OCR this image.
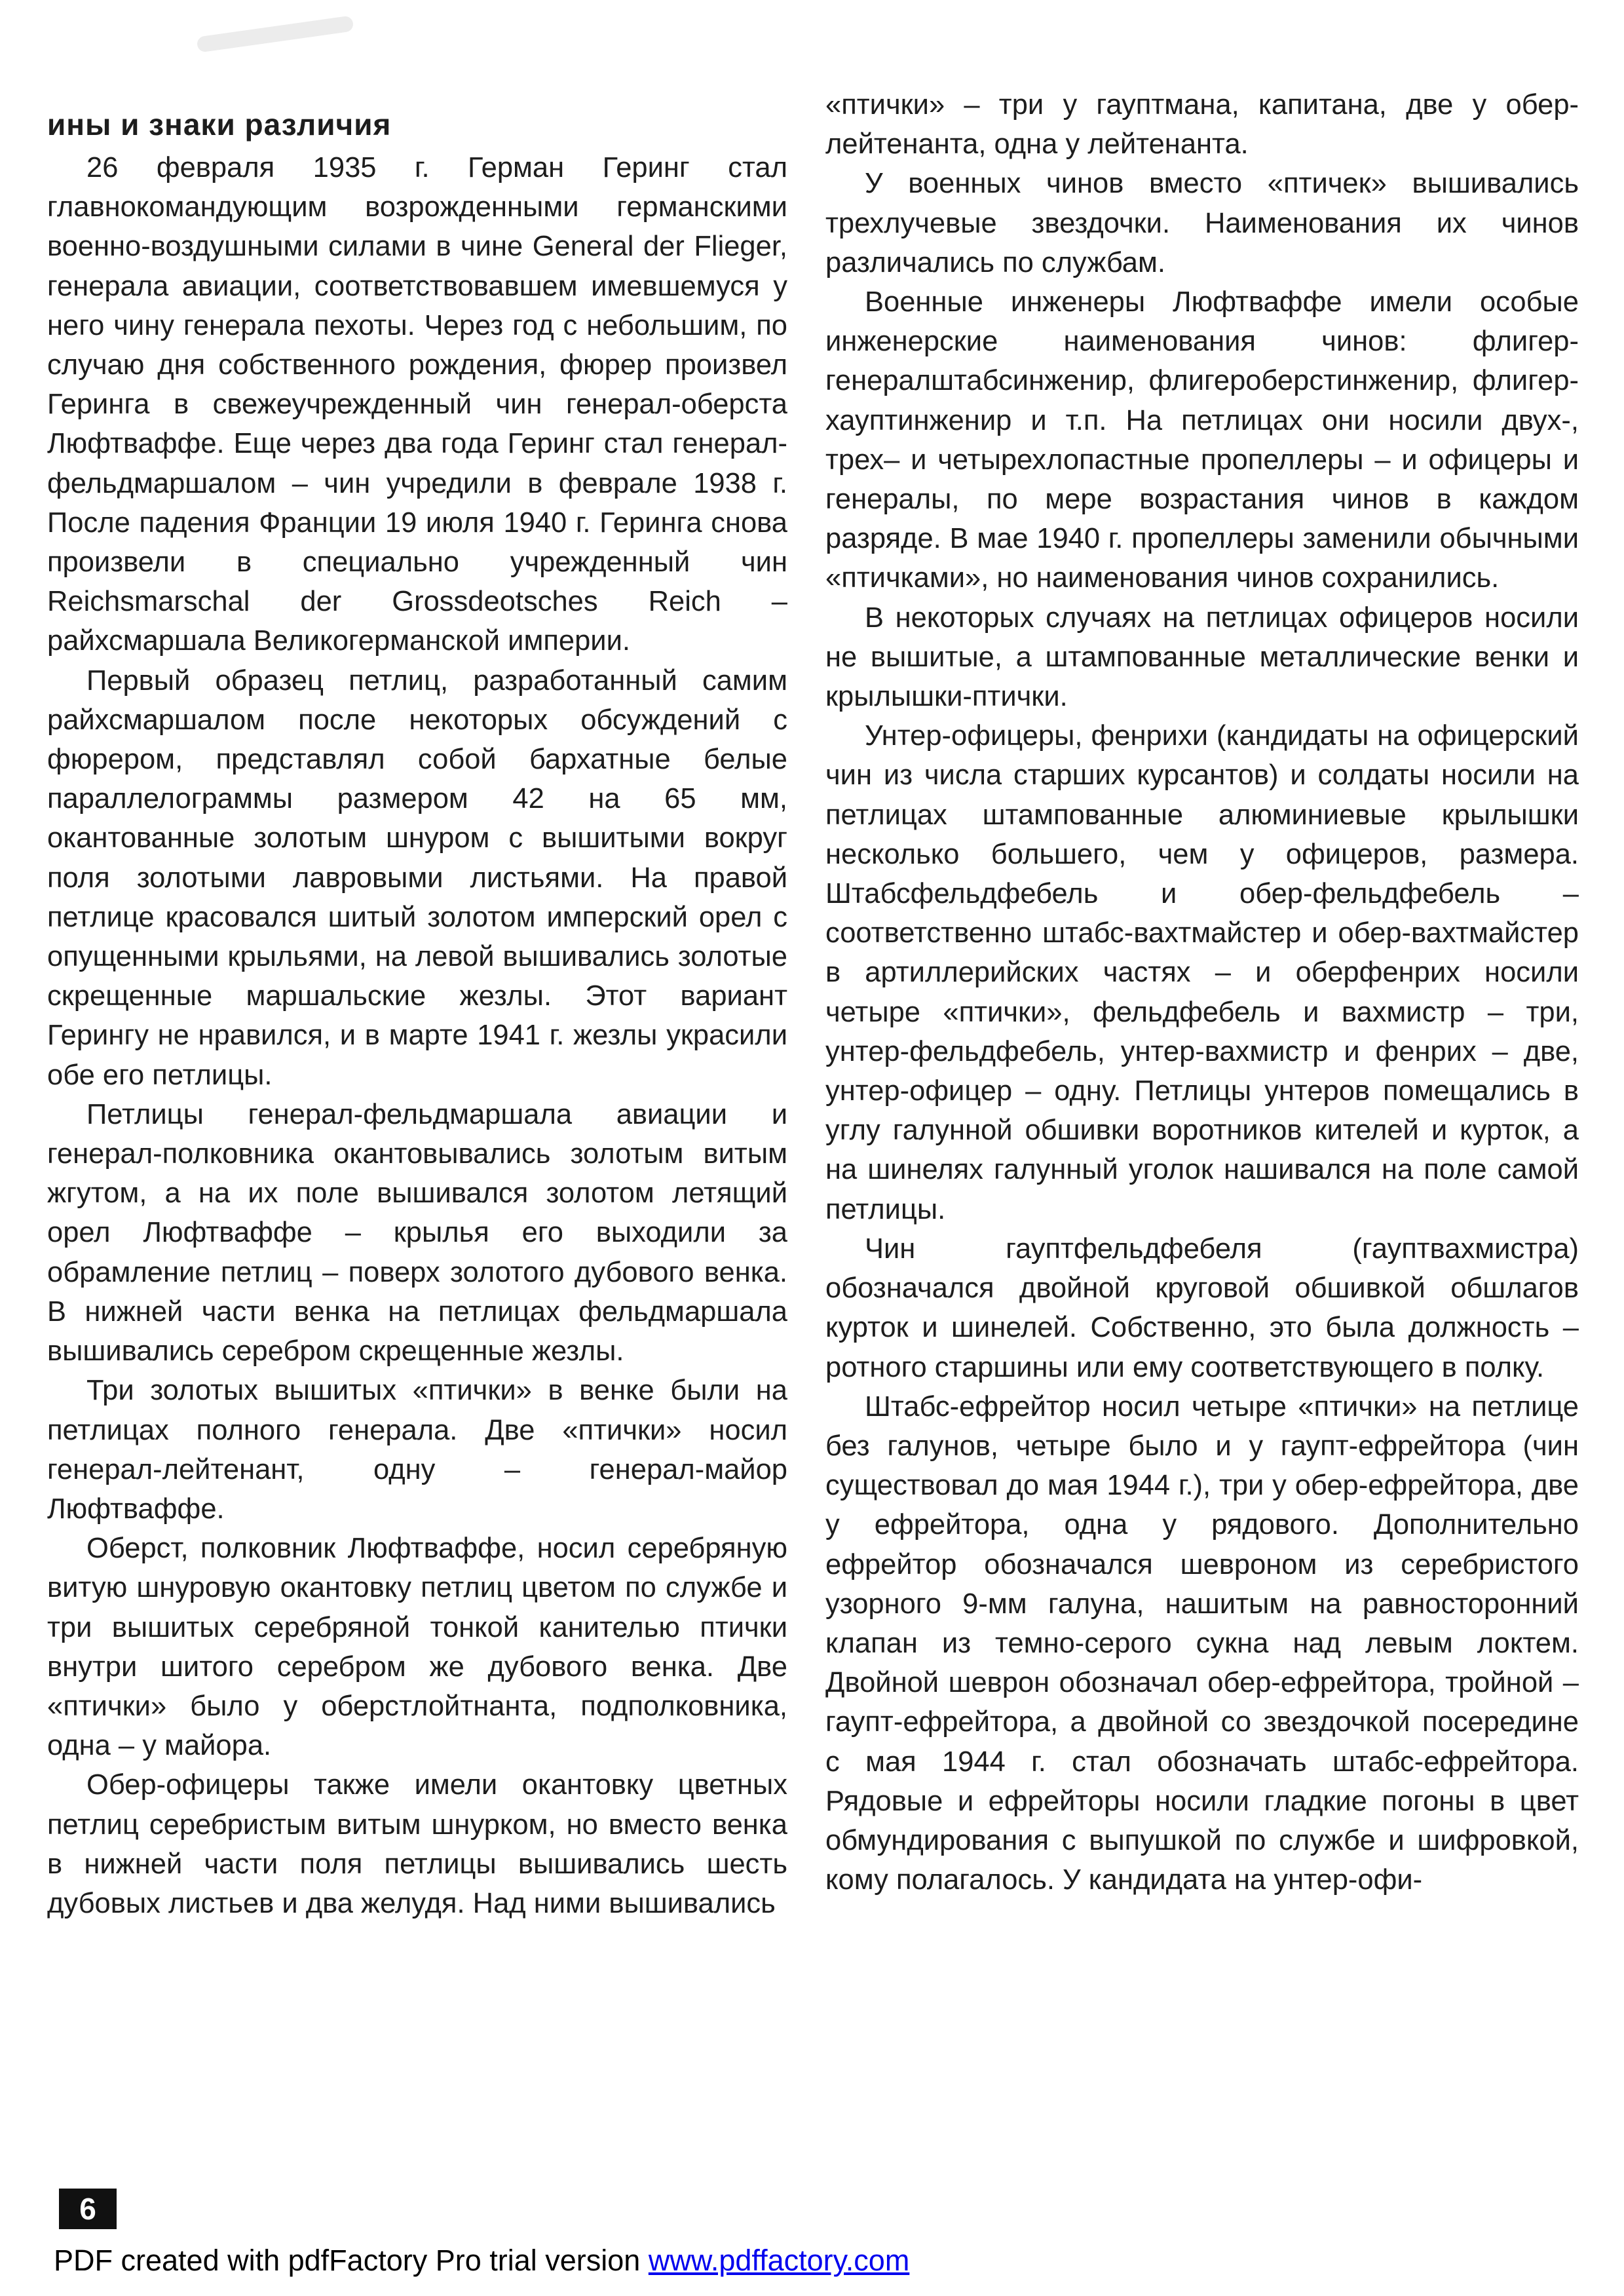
ины и знаки различия

26 февраля 1935 г. Герман Геринг стал главнокомандующим возрожденными германскими военно-воздушными силами в чине General der Flieger, генерала авиации, соответствовавшем имевшемуся у него чину генерала пехоты. Через год с небольшим, по случаю дня собственного рождения, фюрер произвел Геринга в свежеучрежденный чин генерал-оберста Люфтваффе. Еще через два года Геринг стал генерал-фельдмаршалом – чин учредили в феврале 1938 г. После падения Франции 19 июля 1940 г. Геринга снова произвели в специально учрежденный чин Reichsmarschal der Grossdeotsches Reich – райхсмаршала Великогерманской империи.

Первый образец петлиц, разработанный самим райхсмаршалом после некоторых обсуждений с фюрером, представлял собой бархатные белые параллелограммы размером 42 на 65 мм, окантованные золотым шнуром с вышитыми вокруг поля золотыми лавровыми листьями. На правой петлице красовался шитый золотом имперский орел с опущенными крыльями, на левой вышивались золотые скрещенные маршальские жезлы. Этот вариант Герингу не нравился, и в марте 1941 г. жезлы украсили обе его петлицы.

Петлицы генерал-фельдмаршала авиации и генерал-полковника окантовывались золотым витым жгутом, а на их поле вышивался золотом летящий орел Люфтваффе – крылья его выходили за обрамление петлиц – поверх золотого дубового венка. В нижней части венка на петлицах фельдмаршала вышивались серебром скрещенные жезлы.

Три золотых вышитых «птички» в венке были на петлицах полного генерала. Две «птички» носил генерал-лейтенант, одну – генерал-майор Люфтваффе.

Оберст, полковник Люфтваффе, носил серебряную витую шнуровую окантовку петлиц цветом по службе и три вышитых серебряной тонкой канителью птички внутри шитого серебром же дубового венка. Две «птички» было у оберстлойтнанта, подполковника, одна – у майора.

Обер-офицеры также имели окантовку цветных петлиц серебристым витым шнурком, но вместо венка в нижней части поля петлицы вышивались шесть дубовых листьев и два желудя. Над ними вышивались

«птички» – три у гауптмана, капитана, две у обер-лейтенанта, одна у лейтенанта.

У военных чинов вместо «птичек» вышивались трехлучевые звездочки. Наименования их чинов различались по службам.

Военные инженеры Люфтваффе имели особые инженерские наименования чинов: флигер-генералштабсинженир, флигероберстинженир, флигер-хауптинженир и т.п. На петлицах они носили двух-, трех– и четырехлопастные пропеллеры – и офицеры и генералы, по мере возрастания чинов в каждом разряде. В мае 1940 г. пропеллеры заменили обычными «птичками», но наименования чинов сохранились.

В некоторых случаях на петлицах офицеров носили не вышитые, а штампованные металлические венки и крылышки-птички.

Унтер-офицеры, фенрихи (кандидаты на офицерский чин из числа старших курсантов) и солдаты носили на петлицах штампованные алюминиевые крылышки несколько большего, чем у офицеров, размера. Штабсфельдфебель и обер-фельдфебель – соответственно штабс-вахтмайстер и обер-вахтмайстер в артиллерийских частях – и оберфенрих носили четыре «птички», фельдфебель и вахмистр – три, унтер-фельдфебель, унтер-вахмистр и фенрих – две, унтер-офицер – одну. Петлицы унтеров помещались в углу галунной обшивки воротников кителей и курток, а на шинелях галунный уголок нашивался на поле самой петлицы.

Чин гауптфельдфебеля (гауптвахмистра) обозначался двойной круговой обшивкой обшлагов курток и шинелей. Собственно, это была должность – ротного старшины или ему соответствующего в полку.

Штабс-ефрейтор носил четыре «птички» на петлице без галунов, четыре было и у гаупт-ефрейтора (чин существовал до мая 1944 г.), три у обер-ефрейтора, две у ефрейтора, одна у рядового. Дополнительно ефрейтор обозначался шевроном из серебристого узорного 9-мм галуна, нашитым на равносторонний клапан из темно-серого сукна над левым локтем. Двойной шеврон обозначал обер-ефрейтора, тройной – гаупт-ефрейтора, а двойной со звездочкой посередине с мая 1944 г. стал обозначать штабс-ефрейтора. Рядовые и ефрейторы носили гладкие погоны в цвет обмундирования с выпушкой по службе и шифровкой, кому полагалось. У кандидата на унтер-офи-

6
PDF created with pdfFactory Pro trial version www.pdffactory.com
